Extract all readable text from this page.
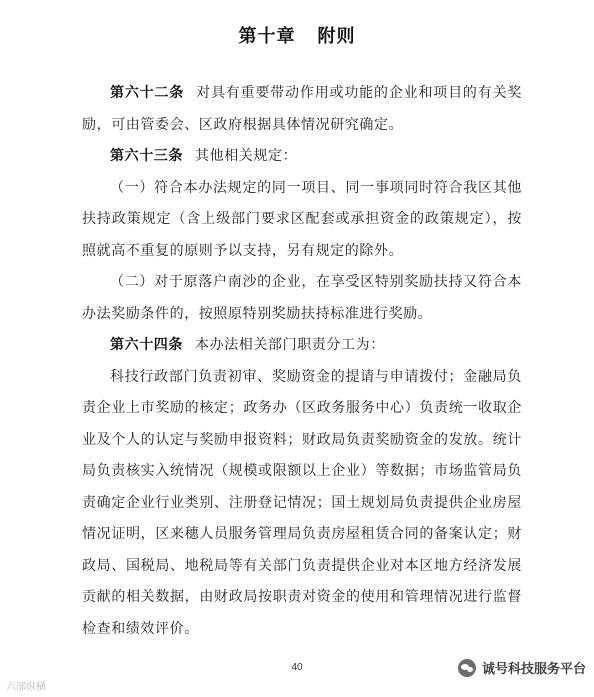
第十章 附则

第六十二条 对具有重要带动作用或功能的企业和项目的有关奖励，可由管委会、区政府根据具体情况研究确定。

第六十三条 其他相关规定：

（一）符合本办法规定的同一项目、同一事项同时符合我区其他扶持政策规定（含上级部门要求区配套或承担资金的政策规定），按照就高不重复的原则予以支持，另有规定的除外。

（二）对于原落户南沙的企业，在享受区特别奖励扶持又符合本办法奖励条件的，按照原特别奖励扶持标准进行奖励。

第六十四条 本办法相关部门职责分工为：

科技行政部门负责初审、奖励资金的提请与申请拨付；金融局负责企业上市奖励的核定；政务办（区政务服务中心）负责统一收取企业及个人的认定与奖励申报资料；财政局负责奖励资金的发放。统计局负责核实入统情况（规模或限额以上企业）等数据；市场监管局负责确定企业行业类别、注册登记情况；国土规划局负责提供企业房屋情况证明，区来穗人员服务管理局负责房屋租赁合同的备案认定；财政局、国税局、地税局等有关部门负责提供企业对本区地方经济发展贡献的相关数据，由财政局按职责对资金的使用和管理情况进行监督检查和绩效评价。

40
六部纵横
诚号科技服务平台
